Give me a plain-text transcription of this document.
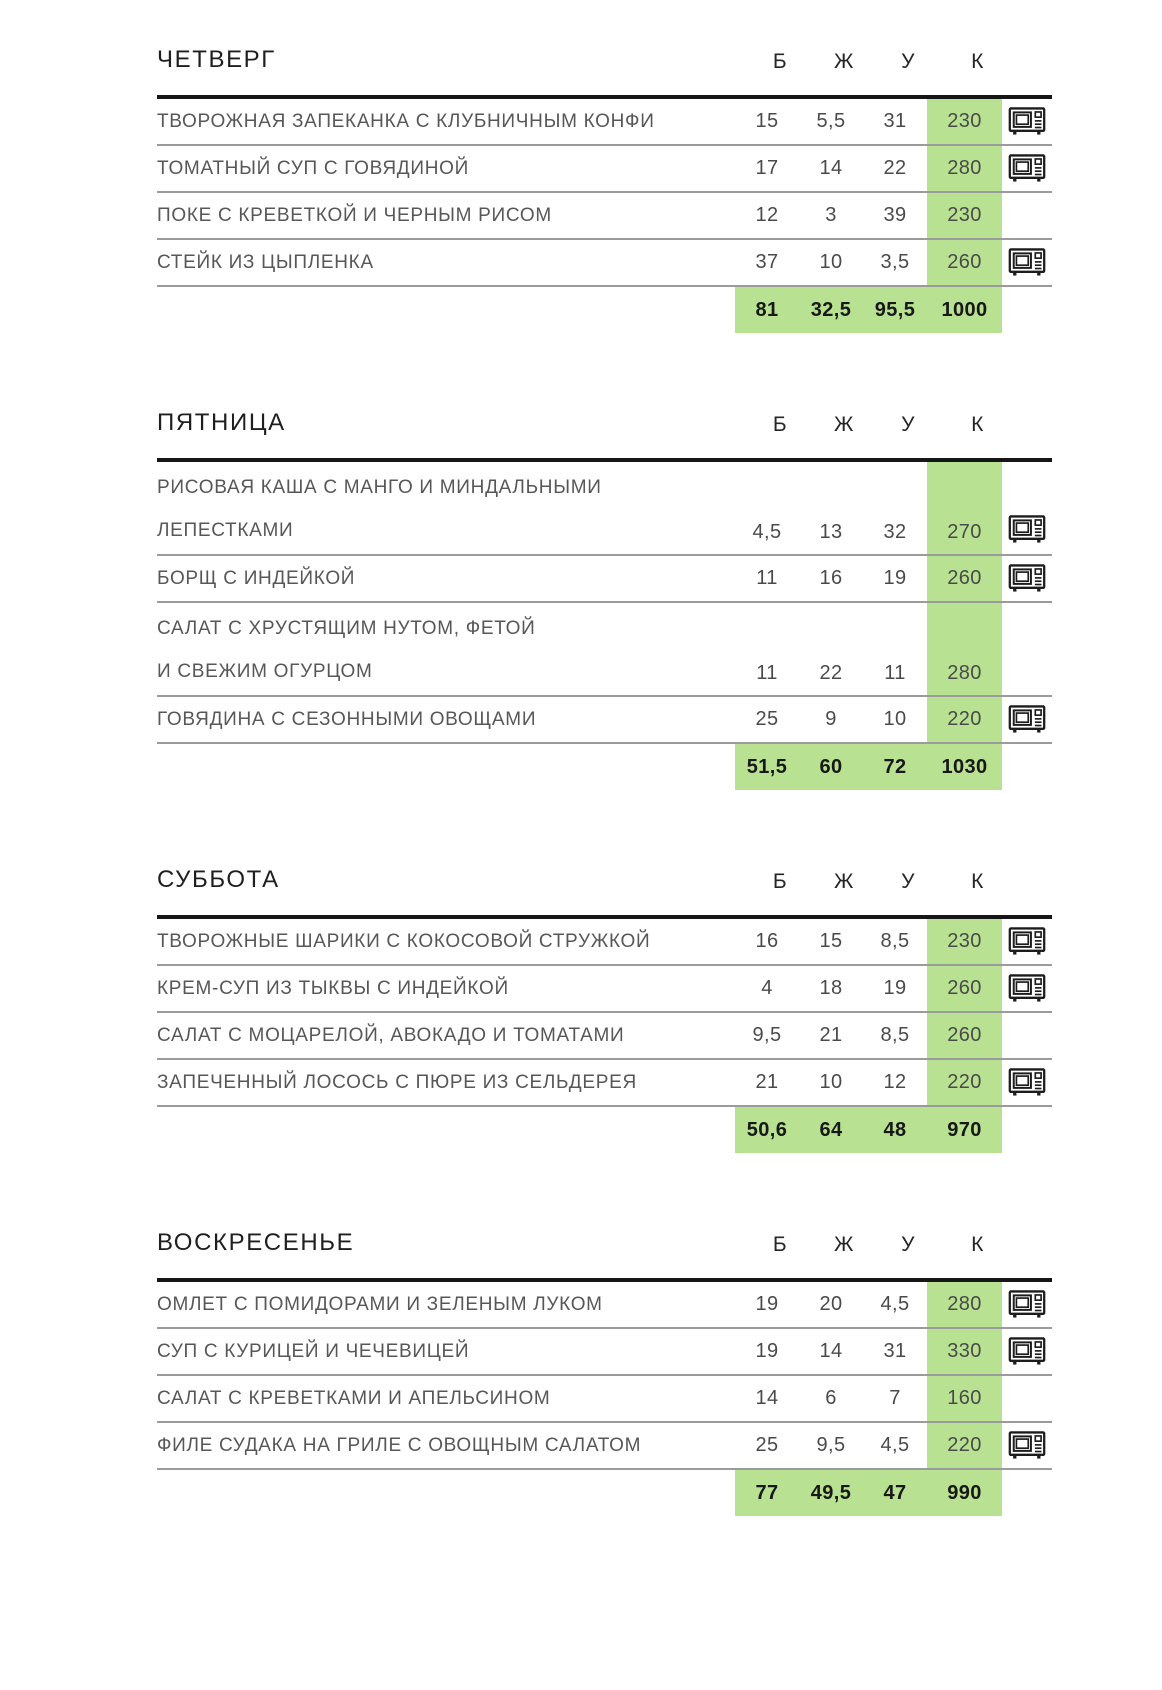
ЧЕТВЕРГ	Б	Ж	У	К
ТВОРОЖНАЯ ЗАПЕКАНКА С КЛУБНИЧНЫМ КОНФИ	15	5,5	31	230
ТОМАТНЫЙ СУП С ГОВЯДИНОЙ	17	14	22	280
ПОКЕ С КРЕВЕТКОЙ И ЧЕРНЫМ РИСОМ	12	3	39	230
СТЕЙК ИЗ ЦЫПЛЕНКА	37	10	3,5	260
81	32,5	95,5	1000
ПЯТНИЦА	Б	Ж	У	К
РИСОВАЯ КАША С МАНГО И МИНДАЛЬНЫМИ
ЛЕПЕСТКАМИ	4,5	13	32	270
БОРЩ С ИНДЕЙКОЙ	11	16	19	260
САЛАТ С ХРУСТЯЩИМ НУТОМ, ФЕТОЙ
И СВЕЖИМ ОГУРЦОМ	11	22	11	280
ГОВЯДИНА С СЕЗОННЫМИ ОВОЩАМИ	25	9	10	220
51,5	60	72	1030
СУББОТА	Б	Ж	У	К
ТВОРОЖНЫЕ ШАРИКИ С КОКОСОВОЙ СТРУЖКОЙ	16	15	8,5	230
КРЕМ-СУП ИЗ ТЫКВЫ С ИНДЕЙКОЙ	4	18	19	260
САЛАТ С МОЦАРЕЛОЙ, АВОКАДО И ТОМАТАМИ	9,5	21	8,5	260
ЗАПЕЧЕННЫЙ ЛОСОСЬ С ПЮРЕ ИЗ СЕЛЬДЕРЕЯ	21	10	12	220
50,6	64	48	970
ВОСКРЕСЕНЬЕ	Б	Ж	У	К
ОМЛЕТ С ПОМИДОРАМИ И ЗЕЛЕНЫМ ЛУКОМ	19	20	4,5	280
СУП С КУРИЦЕЙ И ЧЕЧЕВИЦЕЙ	19	14	31	330
САЛАТ С КРЕВЕТКАМИ И АПЕЛЬСИНОМ	14	6	7	160
ФИЛЕ СУДАКА НА ГРИЛЕ С ОВОЩНЫМ САЛАТОМ	25	9,5	4,5	220
77	49,5	47	990
